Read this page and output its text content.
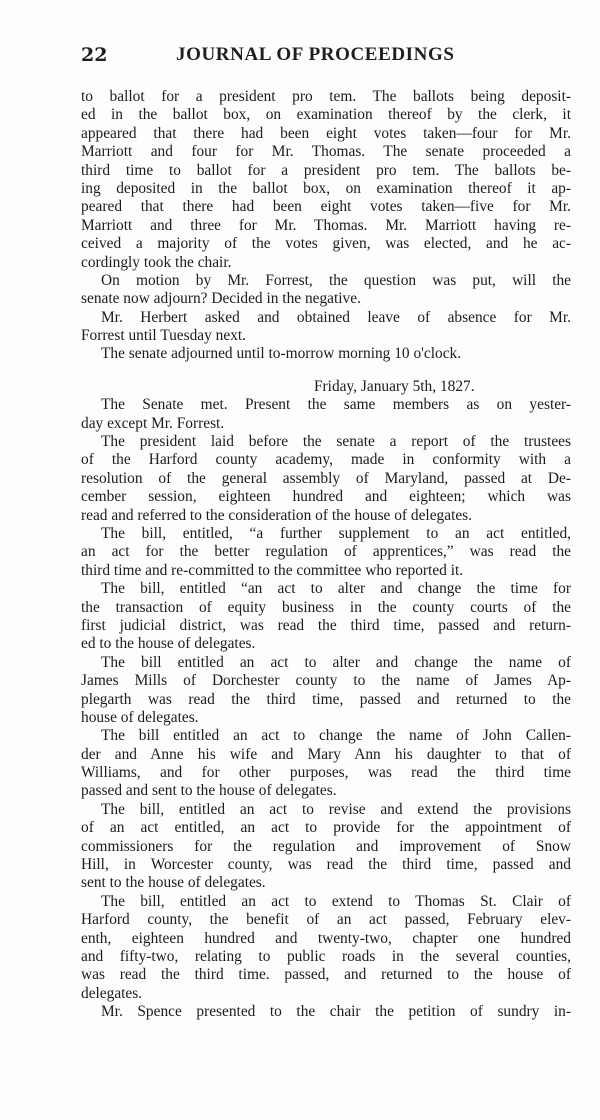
22	JOURNAL OF PROCEEDINGS
to ballot for a president pro tem. The ballots being deposit-
ed in the ballot box, on examination thereof by the clerk, it
appeared that there had been eight votes taken—four for Mr.
Marriott and four for Mr. Thomas. The senate proceeded a
third time to ballot for a president pro tem. The ballots be-
ing deposited in the ballot box, on examination thereof it ap-
peared that there had been eight votes taken—five for Mr.
Marriott and three for Mr. Thomas. Mr. Marriott having re-
ceived a majority of the votes given, was elected, and he ac-
cordingly took the chair.
On motion by Mr. Forrest, the question was put, will the
senate now adjourn? Decided in the negative.
Mr. Herbert asked and obtained leave of absence for Mr.
Forrest until Tuesday next.
The senate adjourned until to-morrow morning 10 o'clock.
Friday, January 5th, 1827.
The Senate met. Present the same members as on yester-
day except Mr. Forrest.
The president laid before the senate a report of the trustees
of the Harford county academy, made in conformity with a
resolution of the general assembly of Maryland, passed at De-
cember session, eighteen hundred and eighteen; which was
read and referred to the consideration of the house of delegates.
The bill, entitled, “a further supplement to an act entitled,
an act for the better regulation of apprentices,” was read the
third time and re-committed to the committee who reported it.
The bill, entitled “an act to alter and change the time for
the transaction of equity business in the county courts of the
first judicial district, was read the third time, passed and return-
ed to the house of delegates.
The bill entitled an act to alter and change the name of
James Mills of Dorchester county to the name of James Ap-
plegarth was read the third time, passed and returned to the
house of delegates.
The bill entitled an act to change the name of John Callen-
der and Anne his wife and Mary Ann his daughter to that of
Williams, and for other purposes, was read the third time
passed and sent to the house of delegates.
The bill, entitled an act to revise and extend the provisions
of an act entitled, an act to provide for the appointment of
commissioners for the regulation and improvement of Snow
Hill, in Worcester county, was read the third time, passed and
sent to the house of delegates.
The bill, entitled an act to extend to Thomas St. Clair of
Harford county, the benefit of an act passed, February elev-
enth, eighteen hundred and twenty-two, chapter one hundred
and fifty-two, relating to public roads in the several counties,
was read the third time. passed, and returned to the house of
delegates.
Mr. Spence presented to the chair the petition of sundry in-
